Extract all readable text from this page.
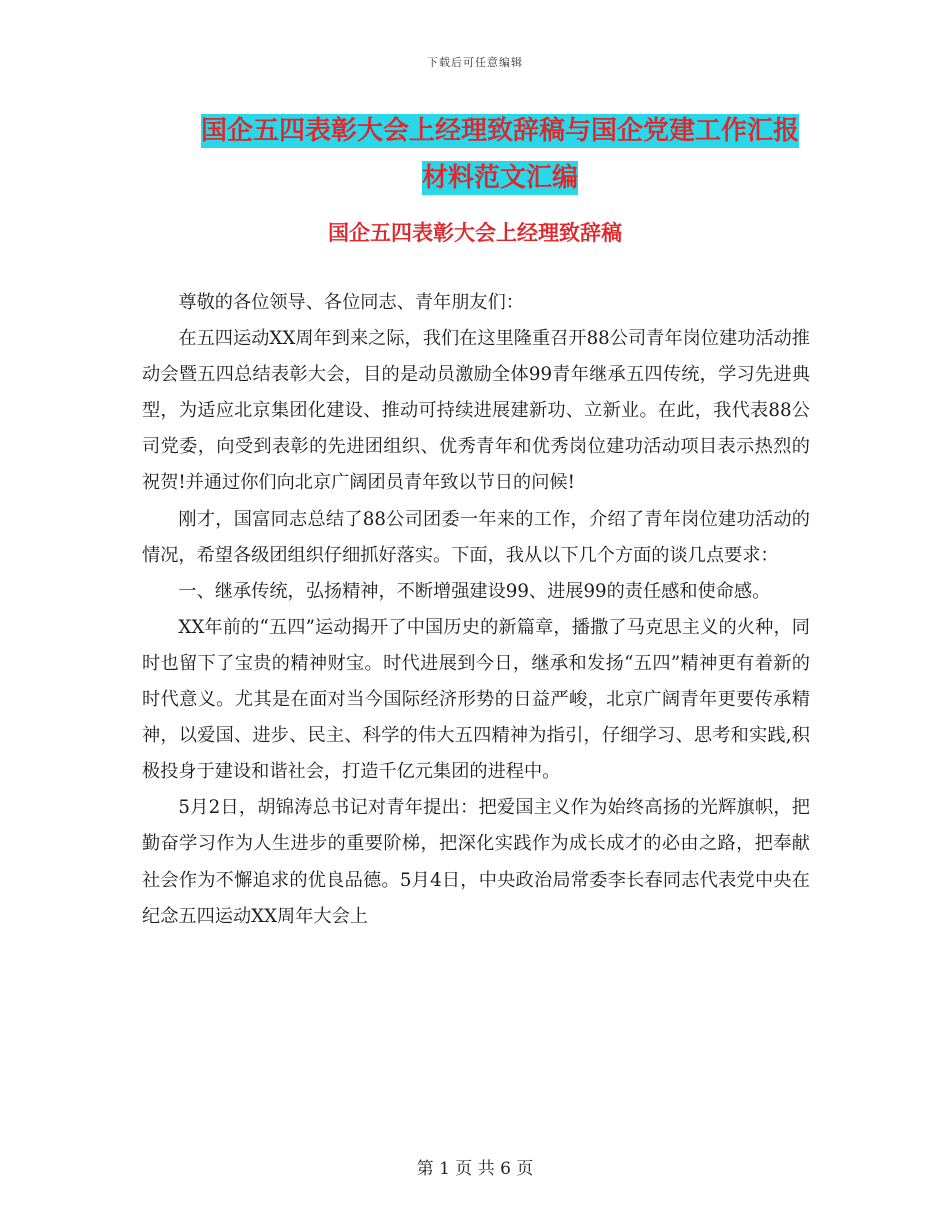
下载后可任意编辑
国企五四表彰大会上经理致辞稿与国企党建工作汇报
材料范文汇编
国企五四表彰大会上经理致辞稿

尊敬的各位领导、各位同志、青年朋友们：

在五四运动XX周年到来之际，我们在这里隆重召开88公司青年岗位建功活动推动会暨五四总结表彰大会，目的是动员激励全体99青年继承五四传统，学习先进典型，为适应北京集团化建设、推动可持续进展建新功、立新业。在此，我代表88公司党委，向受到表彰的先进团组织、优秀青年和优秀岗位建功活动项目表示热烈的祝贺!并通过你们向北京广阔团员青年致以节日的问候!

刚才，国富同志总结了88公司团委一年来的工作，介绍了青年岗位建功活动的情况，希望各级团组织仔细抓好落实。下面，我从以下几个方面的谈几点要求：

一、继承传统，弘扬精神，不断增强建设99、进展99的责任感和使命感。

XX年前的“五四”运动揭开了中国历史的新篇章，播撒了马克思主义的火种，同时也留下了宝贵的精神财宝。时代进展到今日，继承和发扬“五四”精神更有着新的时代意义。尤其是在面对当今国际经济形势的日益严峻，北京广阔青年更要传承精神，以爱国、进步、民主、科学的伟大五四精神为指引，仔细学习、思考和实践,积极投身于建设和谐社会，打造千亿元集团的进程中。

5月2日，胡锦涛总书记对青年提出：把爱国主义作为始终高扬的光辉旗帜，把勤奋学习作为人生进步的重要阶梯，把深化实践作为成长成才的必由之路，把奉献社会作为不懈追求的优良品德。5月4日，中央政治局常委李长春同志代表党中央在纪念五四运动XX周年大会上

第 1 页 共 6 页
